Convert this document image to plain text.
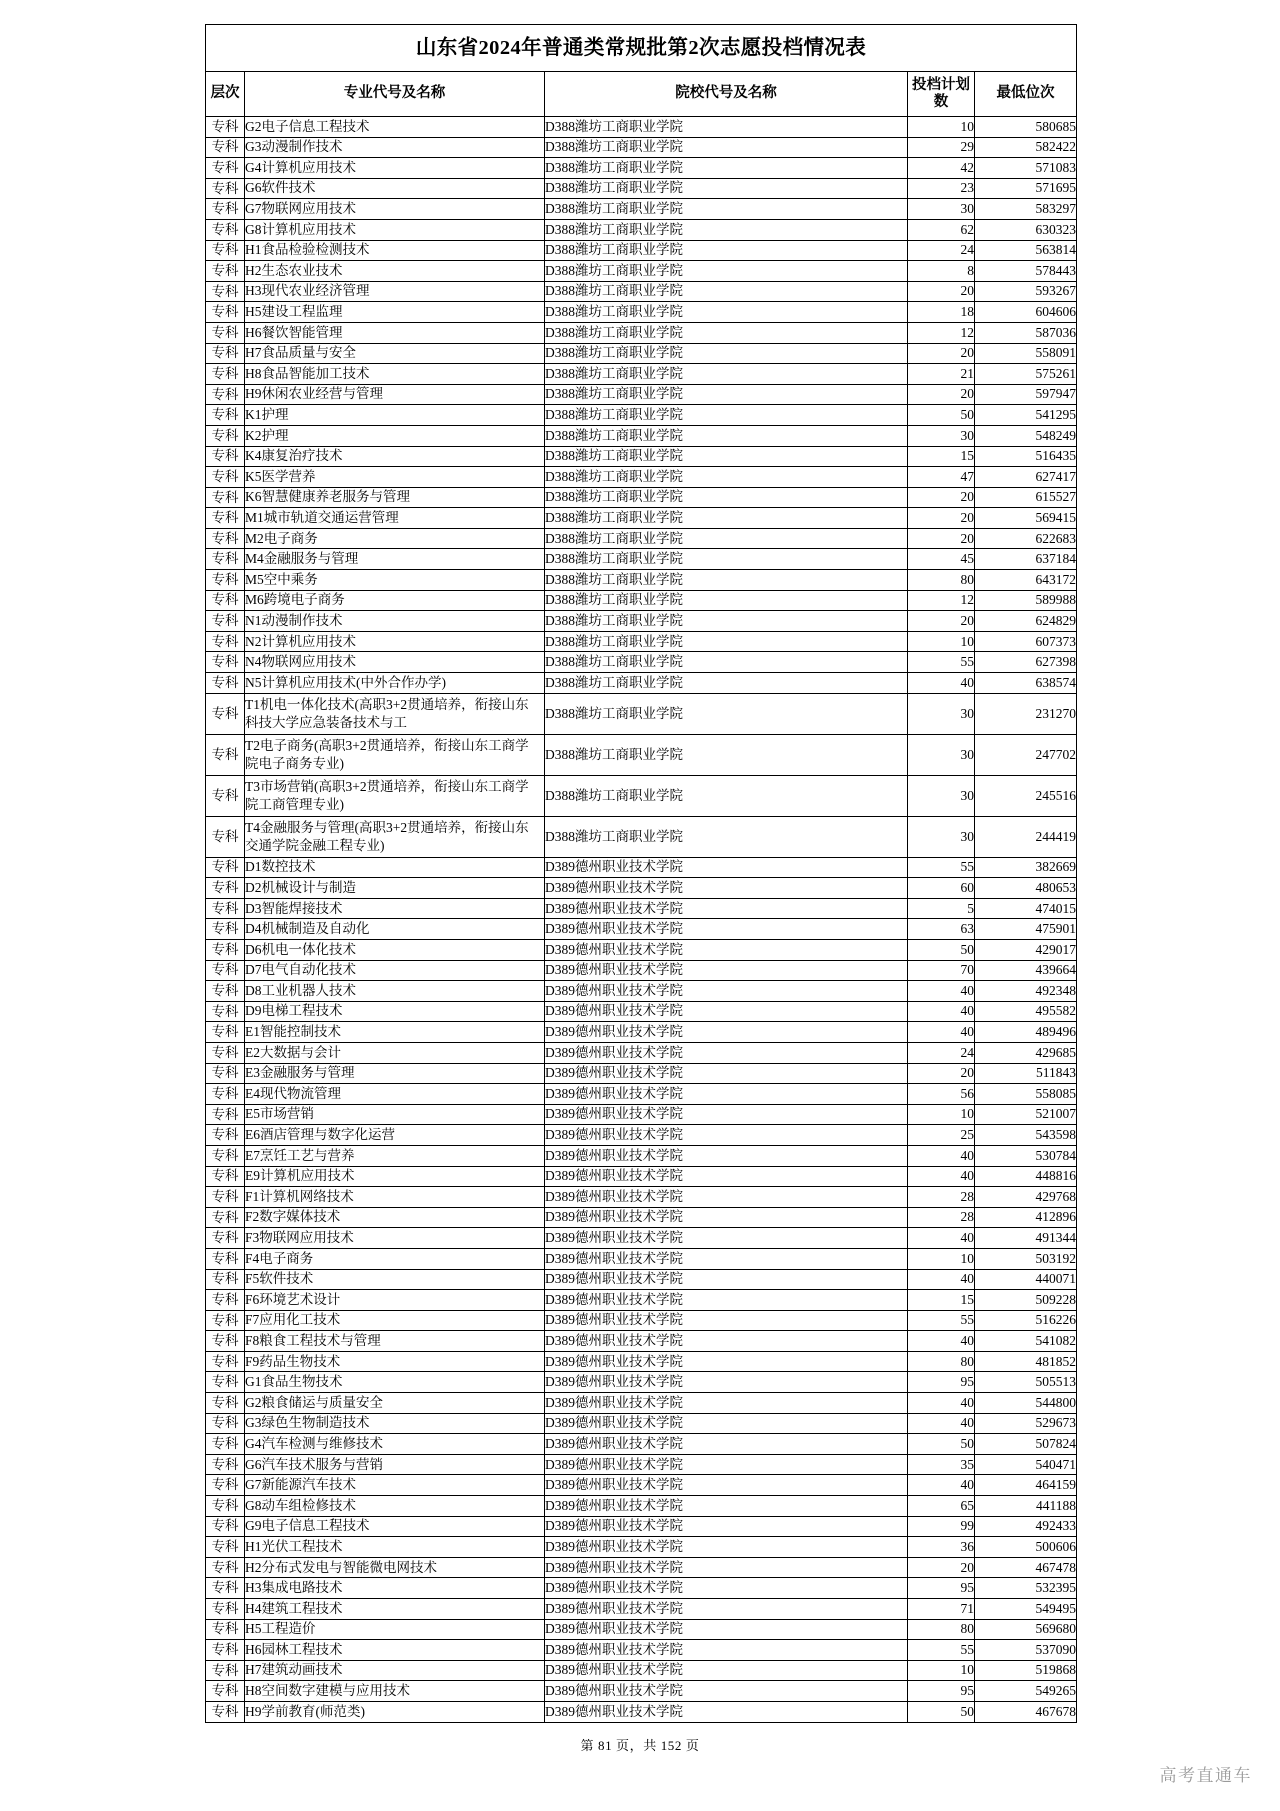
山东省2024年普通类常规批第2次志愿投档情况表				
层次	专业代号及名称	院校代号及名称	投档计划数	最低位次
专科	G2电子信息工程技术	D388潍坊工商职业学院	10	580685
专科	G3动漫制作技术	D388潍坊工商职业学院	29	582422
专科	G4计算机应用技术	D388潍坊工商职业学院	42	571083
专科	G6软件技术	D388潍坊工商职业学院	23	571695
专科	G7物联网应用技术	D388潍坊工商职业学院	30	583297
专科	G8计算机应用技术	D388潍坊工商职业学院	62	630323
专科	H1食品检验检测技术	D388潍坊工商职业学院	24	563814
专科	H2生态农业技术	D388潍坊工商职业学院	8	578443
专科	H3现代农业经济管理	D388潍坊工商职业学院	20	593267
专科	H5建设工程监理	D388潍坊工商职业学院	18	604606
专科	H6餐饮智能管理	D388潍坊工商职业学院	12	587036
专科	H7食品质量与安全	D388潍坊工商职业学院	20	558091
专科	H8食品智能加工技术	D388潍坊工商职业学院	21	575261
专科	H9休闲农业经营与管理	D388潍坊工商职业学院	20	597947
专科	K1护理	D388潍坊工商职业学院	50	541295
专科	K2护理	D388潍坊工商职业学院	30	548249
专科	K4康复治疗技术	D388潍坊工商职业学院	15	516435
专科	K5医学营养	D388潍坊工商职业学院	47	627417
专科	K6智慧健康养老服务与管理	D388潍坊工商职业学院	20	615527
专科	M1城市轨道交通运营管理	D388潍坊工商职业学院	20	569415
专科	M2电子商务	D388潍坊工商职业学院	20	622683
专科	M4金融服务与管理	D388潍坊工商职业学院	45	637184
专科	M5空中乘务	D388潍坊工商职业学院	80	643172
专科	M6跨境电子商务	D388潍坊工商职业学院	12	589988
专科	N1动漫制作技术	D388潍坊工商职业学院	20	624829
专科	N2计算机应用技术	D388潍坊工商职业学院	10	607373
专科	N4物联网应用技术	D388潍坊工商职业学院	55	627398
专科	N5计算机应用技术(中外合作办学)	D388潍坊工商职业学院	40	638574
专科	T1机电一体化技术(高职3+2贯通培养，衔接山东科技大学应急装备技术与工	D388潍坊工商职业学院	30	231270
专科	T2电子商务(高职3+2贯通培养，衔接山东工商学院电子商务专业)	D388潍坊工商职业学院	30	247702
专科	T3市场营销(高职3+2贯通培养，衔接山东工商学院工商管理专业)	D388潍坊工商职业学院	30	245516
专科	T4金融服务与管理(高职3+2贯通培养，衔接山东交通学院金融工程专业)	D388潍坊工商职业学院	30	244419
专科	D1数控技术	D389德州职业技术学院	55	382669
专科	D2机械设计与制造	D389德州职业技术学院	60	480653
专科	D3智能焊接技术	D389德州职业技术学院	5	474015
专科	D4机械制造及自动化	D389德州职业技术学院	63	475901
专科	D6机电一体化技术	D389德州职业技术学院	50	429017
专科	D7电气自动化技术	D389德州职业技术学院	70	439664
专科	D8工业机器人技术	D389德州职业技术学院	40	492348
专科	D9电梯工程技术	D389德州职业技术学院	40	495582
专科	E1智能控制技术	D389德州职业技术学院	40	489496
专科	E2大数据与会计	D389德州职业技术学院	24	429685
专科	E3金融服务与管理	D389德州职业技术学院	20	511843
专科	E4现代物流管理	D389德州职业技术学院	56	558085
专科	E5市场营销	D389德州职业技术学院	10	521007
专科	E6酒店管理与数字化运营	D389德州职业技术学院	25	543598
专科	E7烹饪工艺与营养	D389德州职业技术学院	40	530784
专科	E9计算机应用技术	D389德州职业技术学院	40	448816
专科	F1计算机网络技术	D389德州职业技术学院	28	429768
专科	F2数字媒体技术	D389德州职业技术学院	28	412896
专科	F3物联网应用技术	D389德州职业技术学院	40	491344
专科	F4电子商务	D389德州职业技术学院	10	503192
专科	F5软件技术	D389德州职业技术学院	40	440071
专科	F6环境艺术设计	D389德州职业技术学院	15	509228
专科	F7应用化工技术	D389德州职业技术学院	55	516226
专科	F8粮食工程技术与管理	D389德州职业技术学院	40	541082
专科	F9药品生物技术	D389德州职业技术学院	80	481852
专科	G1食品生物技术	D389德州职业技术学院	95	505513
专科	G2粮食储运与质量安全	D389德州职业技术学院	40	544800
专科	G3绿色生物制造技术	D389德州职业技术学院	40	529673
专科	G4汽车检测与维修技术	D389德州职业技术学院	50	507824
专科	G6汽车技术服务与营销	D389德州职业技术学院	35	540471
专科	G7新能源汽车技术	D389德州职业技术学院	40	464159
专科	G8动车组检修技术	D389德州职业技术学院	65	441188
专科	G9电子信息工程技术	D389德州职业技术学院	99	492433
专科	H1光伏工程技术	D389德州职业技术学院	36	500606
专科	H2分布式发电与智能微电网技术	D389德州职业技术学院	20	467478
专科	H3集成电路技术	D389德州职业技术学院	95	532395
专科	H4建筑工程技术	D389德州职业技术学院	71	549495
专科	H5工程造价	D389德州职业技术学院	80	569680
专科	H6园林工程技术	D389德州职业技术学院	55	537090
专科	H7建筑动画技术	D389德州职业技术学院	10	519868
专科	H8空间数字建模与应用技术	D389德州职业技术学院	95	549265
专科	H9学前教育(师范类)	D389德州职业技术学院	50	467678
第 81 页，共 152 页
高考直通车
